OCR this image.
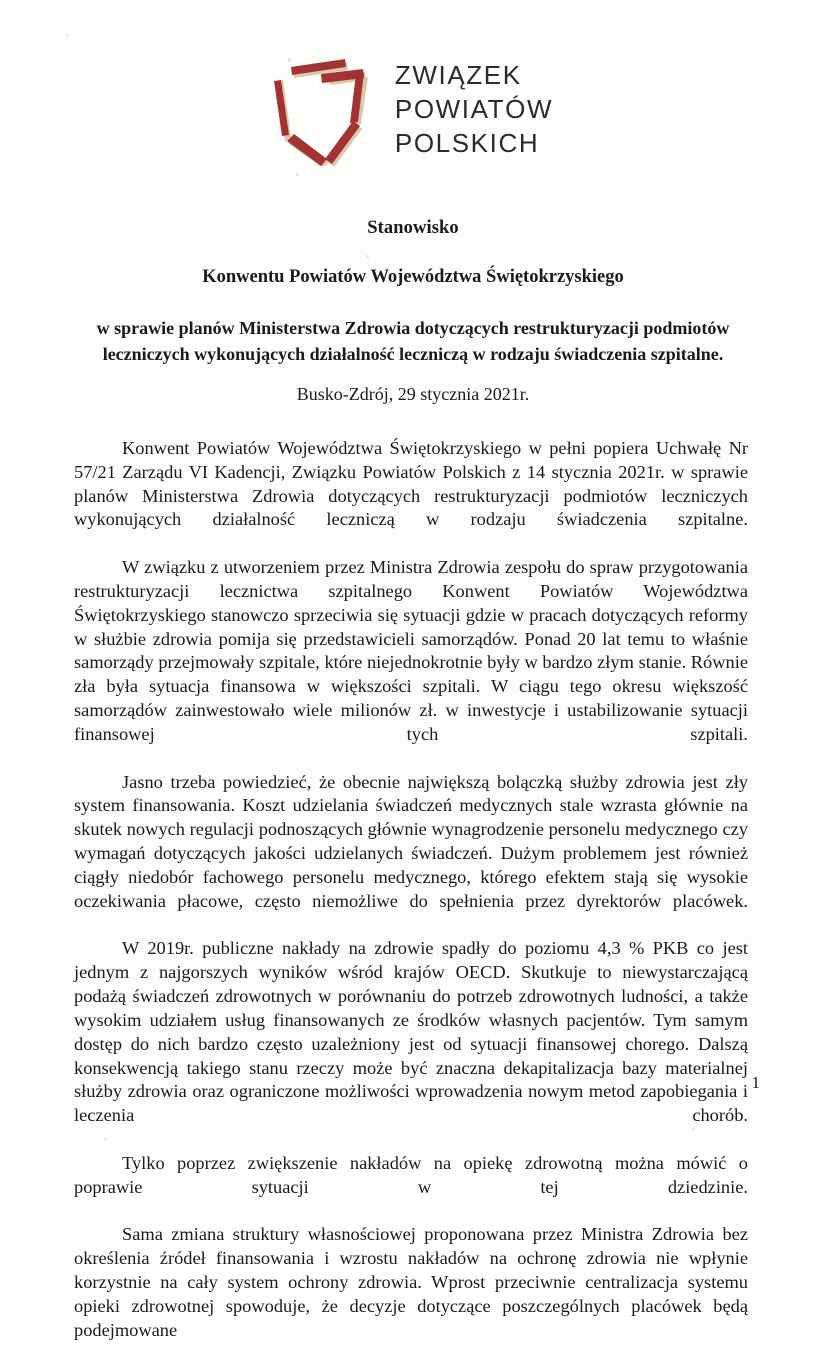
ZWIĄZEK
POWIATÓW
POLSKICH
Stanowisko
Konwentu Powiatów Województwa Świętokrzyskiego
w sprawie planów Ministerstwa Zdrowia dotyczących restrukturyzacji podmiotów leczniczych wykonujących działalność leczniczą w rodzaju świadczenia szpitalne.
Busko-Zdrój, 29 stycznia 2021r.

Konwent Powiatów Województwa Świętokrzyskiego w pełni popiera Uchwałę Nr 57/21 Zarządu VI Kadencji, Związku Powiatów Polskich z 14 stycznia 2021r. w sprawie planów Ministerstwa Zdrowia dotyczących restrukturyzacji podmiotów leczniczych wykonujących działalność leczniczą w rodzaju świadczenia szpitalne.

W związku z utworzeniem przez Ministra Zdrowia zespołu do spraw przygotowania restrukturyzacji lecznictwa szpitalnego Konwent Powiatów Województwa Świętokrzyskiego stanowczo sprzeciwia się sytuacji gdzie w pracach dotyczących reformy w służbie zdrowia pomija się przedstawicieli samorządów. Ponad 20 lat temu to właśnie samorządy przejmowały szpitale, które niejednokrotnie były w bardzo złym stanie. Równie zła była sytuacja finansowa w większości szpitali. W ciągu tego okresu większość samorządów zainwestowało wiele milionów zł. w inwestycje i ustabilizowanie sytuacji finansowej tych szpitali.

Jasno trzeba powiedzieć, że obecnie największą bolączką służby zdrowia jest zły system finansowania. Koszt udzielania świadczeń medycznych stale wzrasta głównie na skutek nowych regulacji podnoszących głównie wynagrodzenie personelu medycznego czy wymagań dotyczących jakości udzielanych świadczeń. Dużym problemem jest również ciągły niedobór fachowego personelu medycznego, którego efektem stają się wysokie oczekiwania płacowe, często niemożliwe do spełnienia przez dyrektorów placówek.

W 2019r. publiczne nakłady na zdrowie spadły do poziomu 4,3 % PKB co jest jednym z najgorszych wyników wśród krajów OECD. Skutkuje to niewystarczającą podażą świadczeń zdrowotnych w porównaniu do potrzeb zdrowotnych ludności, a także wysokim udziałem usług finansowanych ze środków własnych pacjentów. Tym samym dostęp do nich bardzo często uzależniony jest od sytuacji finansowej chorego. Dalszą konsekwencją takiego stanu rzeczy może być znaczna dekapitalizacja bazy materialnej służby zdrowia oraz ograniczone możliwości wprowadzenia nowym metod zapobiegania i leczenia chorób.

Tylko poprzez zwiększenie nakładów na opiekę zdrowotną można mówić o poprawie sytuacji w tej dziedzinie.

Sama zmiana struktury własnościowej proponowana przez Ministra Zdrowia bez określenia źródeł finansowania i wzrostu nakładów na ochronę zdrowia nie wpłynie korzystnie na cały system ochrony zdrowia. Wprost przeciwnie centralizacja systemu opieki zdrowotnej spowoduje, że decyzje dotyczące poszczególnych placówek będą podejmowane

1
